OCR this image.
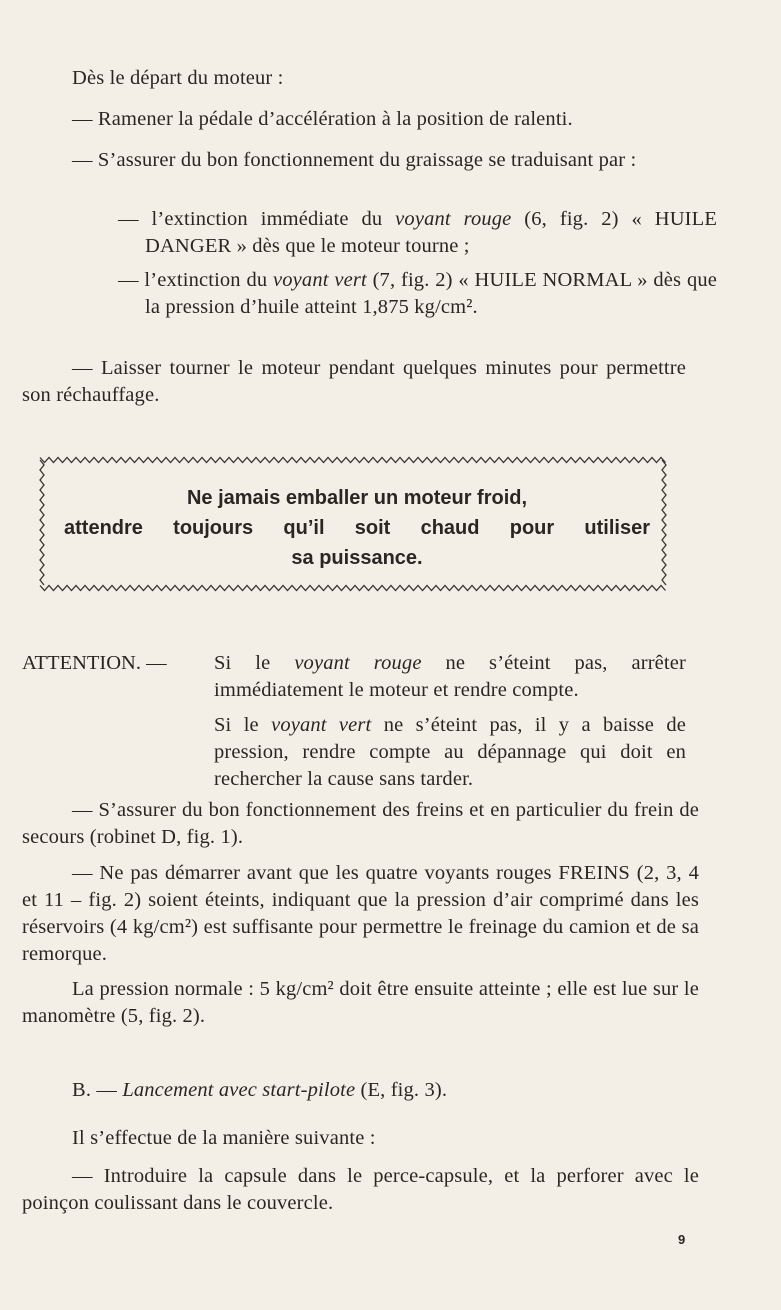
Dès le départ du moteur :

— Ramener la pédale d’accélération à la position de ralenti.

— S’assurer du bon fonctionnement du graissage se traduisant par :

— l’extinction immédiate du voyant rouge (6, fig. 2) « HUILE DANGER » dès que le moteur tourne ;

— l’extinction du voyant vert (7, fig. 2) « HUILE NORMAL » dès que la pression d’huile atteint 1,875 kg/cm².

— Laisser tourner le moteur pendant quelques minutes pour permettre son réchauffage.

Ne jamais emballer un moteur froid,
attendre toujours qu’il soit chaud pour utiliser
sa puissance.
ATTENTION. — Si le voyant rouge ne s’éteint pas, arrêter immédiatement le moteur et rendre compte.

Si le voyant vert ne s’éteint pas, il y a baisse de pression, rendre compte au dépannage qui doit en rechercher la cause sans tarder.

— S’assurer du bon fonctionnement des freins et en particulier du frein de secours (robinet D, fig. 1).

— Ne pas démarrer avant que les quatre voyants rouges FREINS (2, 3, 4 et 11 – fig. 2) soient éteints, indiquant que la pression d’air comprimé dans les réservoirs (4 kg/cm²) est suffisante pour permettre le freinage du camion et de sa remorque.

La pression normale : 5 kg/cm² doit être ensuite atteinte ; elle est lue sur le manomètre (5, fig. 2).

B. — Lancement avec start-pilote (E, fig. 3).

Il s’effectue de la manière suivante :

— Introduire la capsule dans le perce-capsule, et la perforer avec le poinçon coulissant dans le couvercle.

9
